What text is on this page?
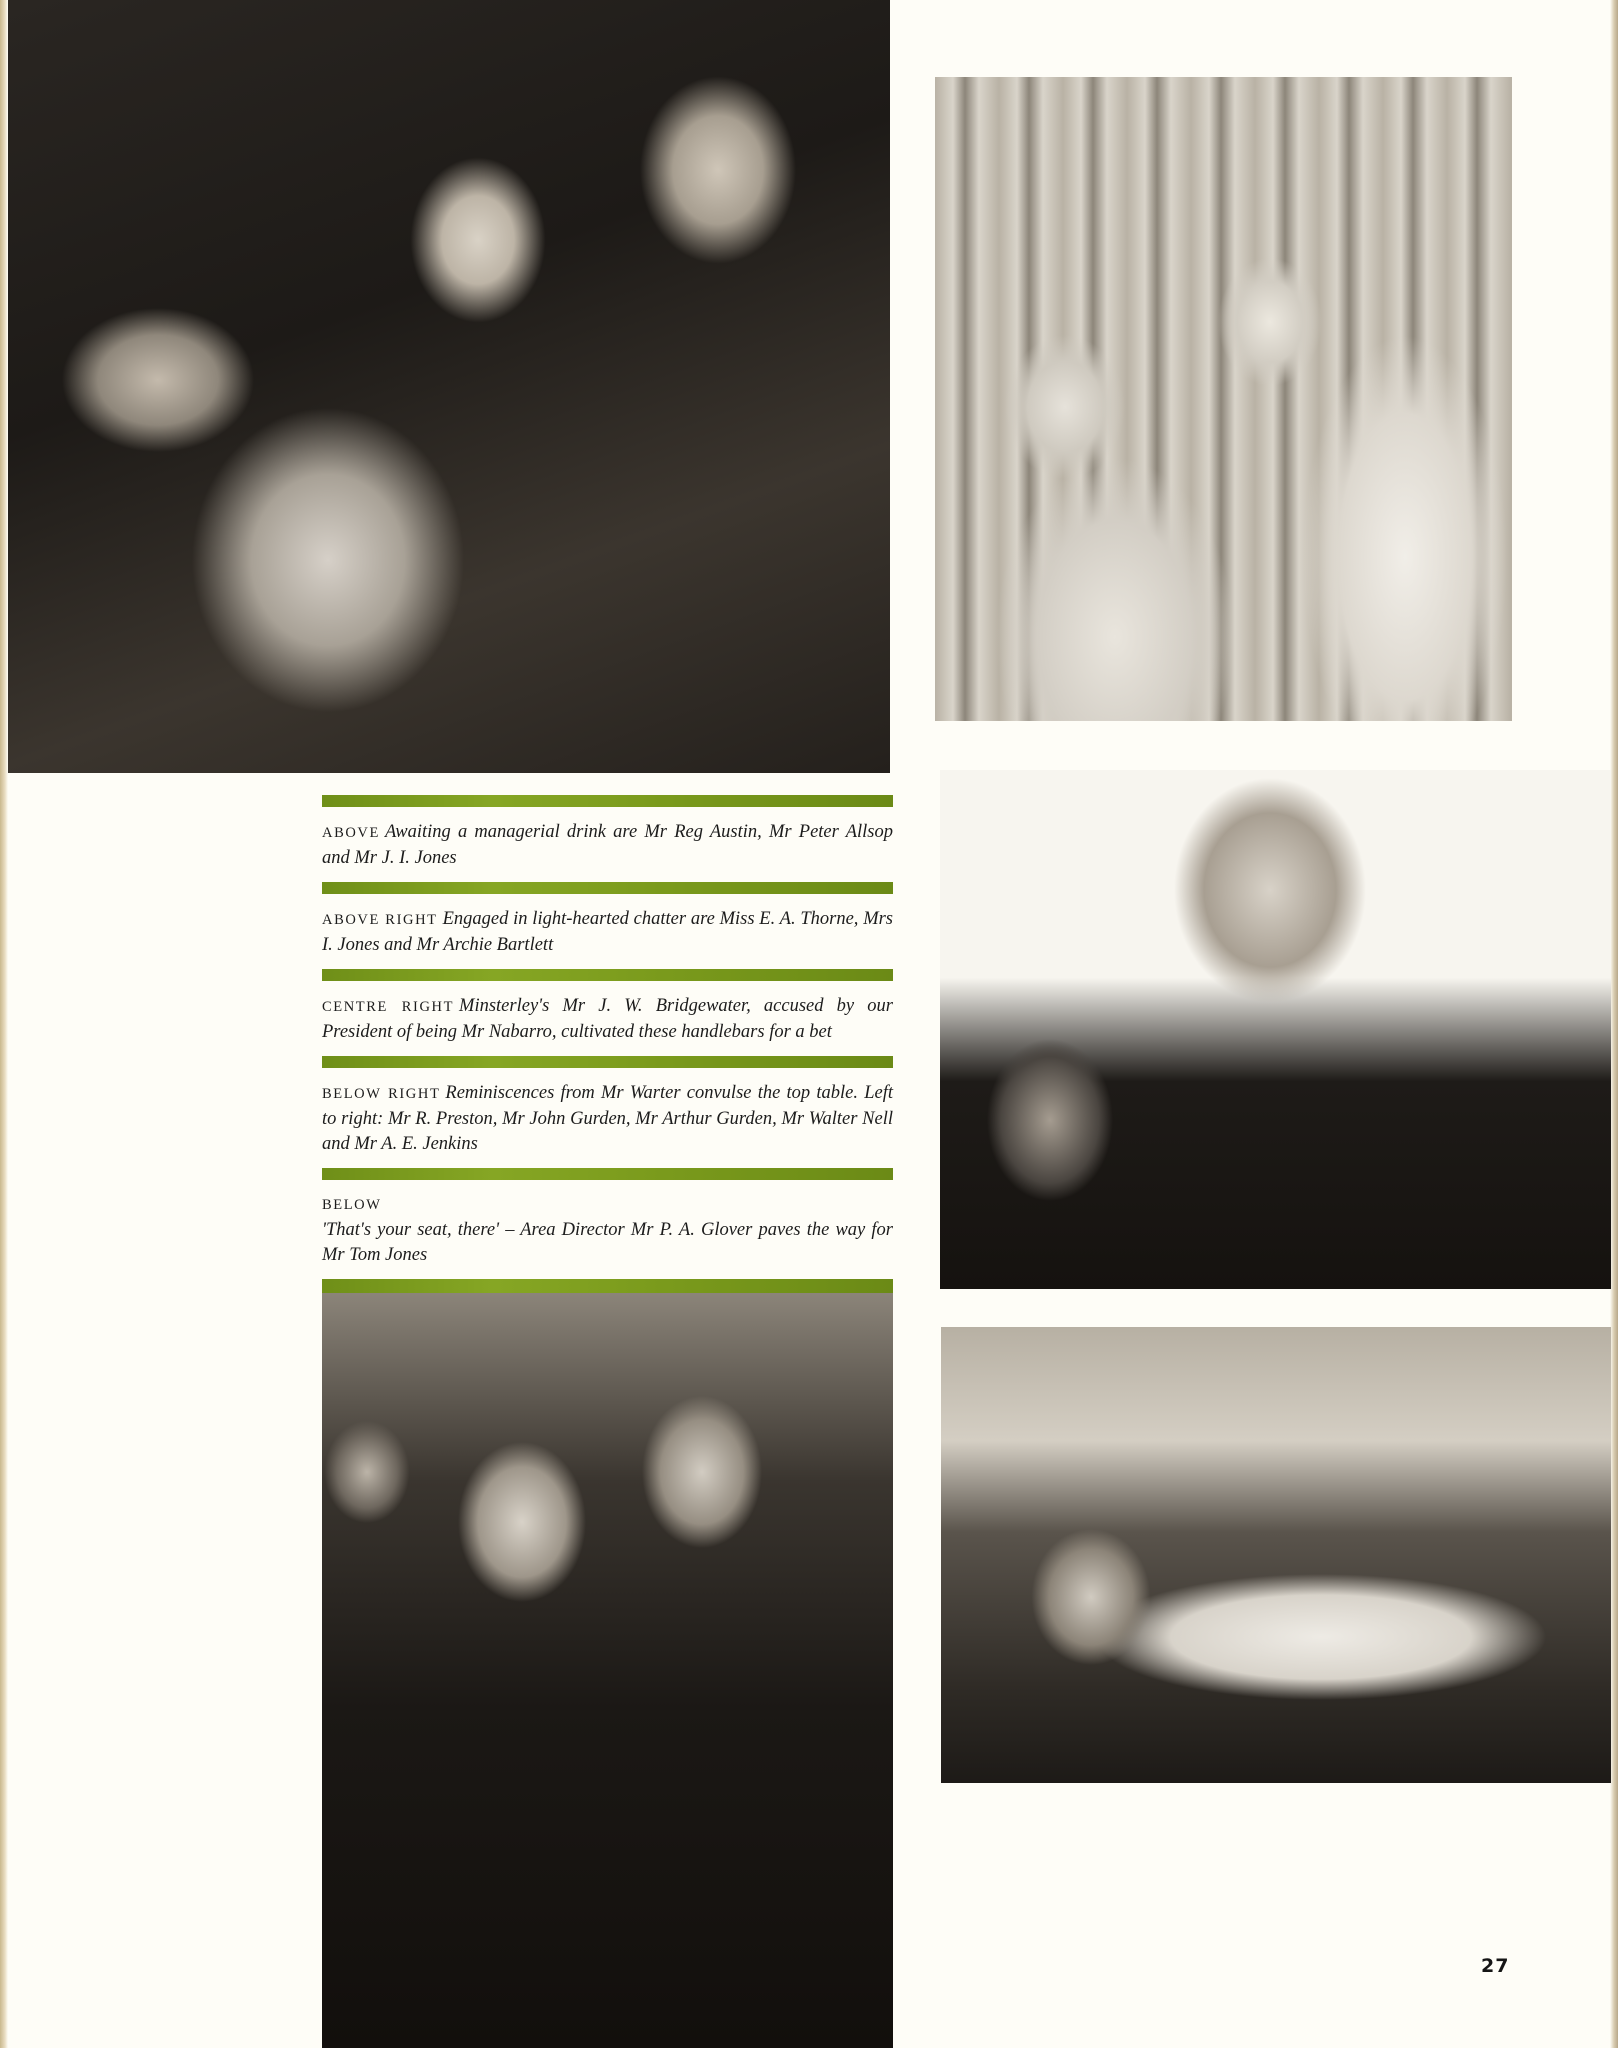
ABOVE Awaiting a managerial drink are Mr Reg Austin, Mr Peter Allsop and Mr J. I. Jones
ABOVE RIGHT Engaged in light-hearted chatter are Miss E. A. Thorne, Mrs I. Jones and Mr Archie Bartlett
CENTRE RIGHT Minsterley's Mr J. W. Bridgewater, accused by our President of being Mr Nabarro, cultivated these handlebars for a bet
BELOW RIGHT Reminiscences from Mr Warter convulse the top table. Left to right: Mr R. Preston, Mr John Gurden, Mr Arthur Gurden, Mr Walter Nell and Mr A. E. Jenkins
BELOW
'That's your seat, there' – Area Director Mr P. A. Glover paves the way for Mr Tom Jones
27
